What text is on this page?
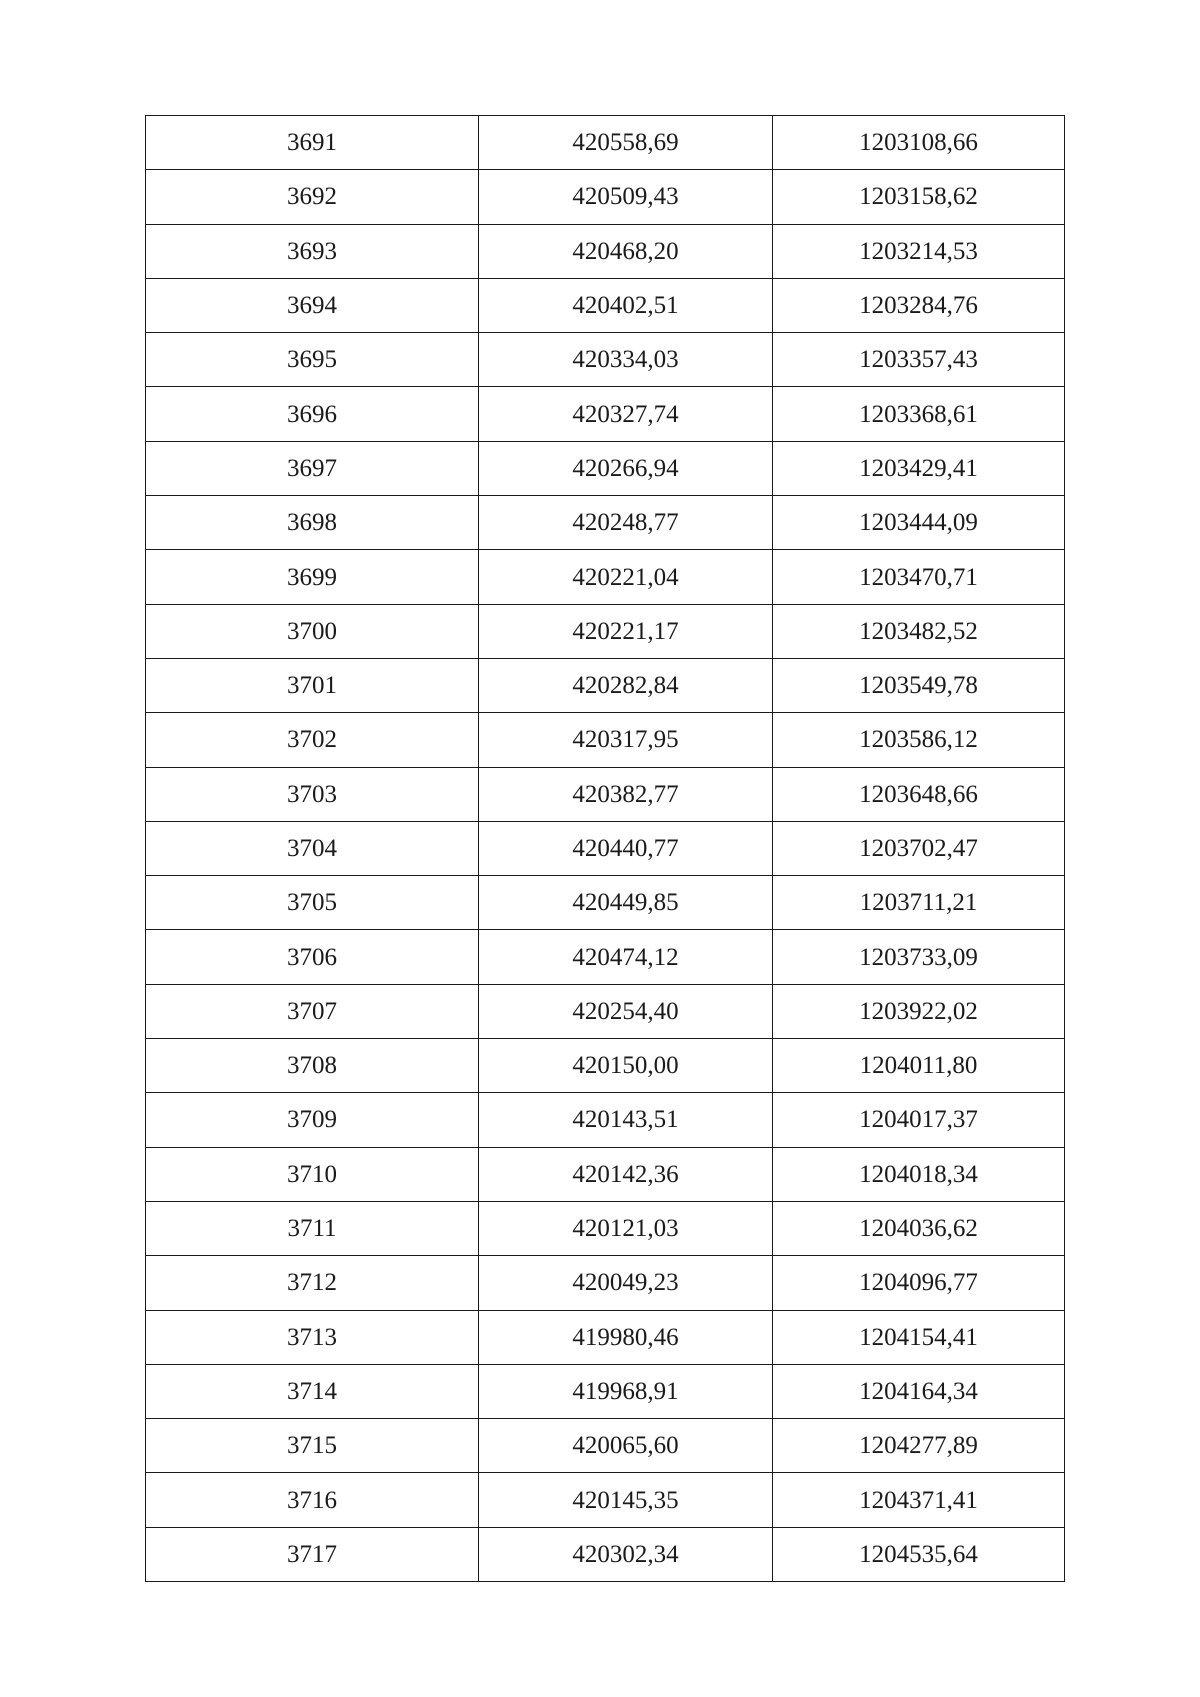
3691	420558,69	1203108,66
3692	420509,43	1203158,62
3693	420468,20	1203214,53
3694	420402,51	1203284,76
3695	420334,03	1203357,43
3696	420327,74	1203368,61
3697	420266,94	1203429,41
3698	420248,77	1203444,09
3699	420221,04	1203470,71
3700	420221,17	1203482,52
3701	420282,84	1203549,78
3702	420317,95	1203586,12
3703	420382,77	1203648,66
3704	420440,77	1203702,47
3705	420449,85	1203711,21
3706	420474,12	1203733,09
3707	420254,40	1203922,02
3708	420150,00	1204011,80
3709	420143,51	1204017,37
3710	420142,36	1204018,34
3711	420121,03	1204036,62
3712	420049,23	1204096,77
3713	419980,46	1204154,41
3714	419968,91	1204164,34
3715	420065,60	1204277,89
3716	420145,35	1204371,41
3717	420302,34	1204535,64
